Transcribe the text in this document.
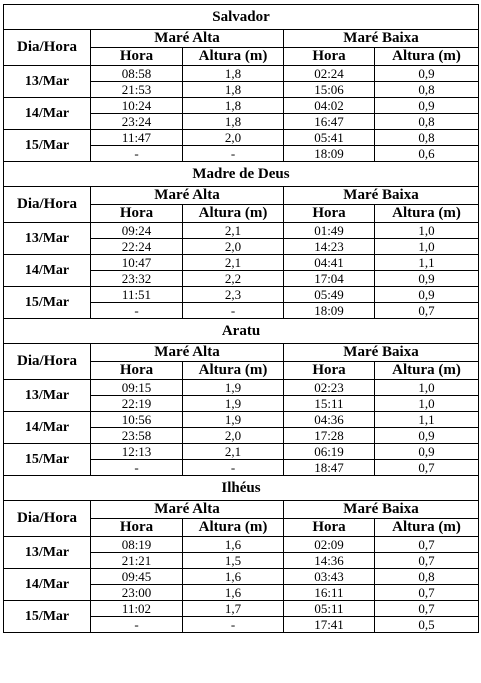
Salvador				
Dia/Hora	Maré Alta		Maré Baixa	
	Hora	Altura (m)	Hora	Altura (m)
13/Mar	08:58	1,8	02:24	0,9
	21:53	1,8	15:06	0,8
14/Mar	10:24	1,8	04:02	0,9
	23:24	1,8	16:47	0,8
15/Mar	11:47	2,0	05:41	0,8
	-	-	18:09	0,6
Madre de Deus				
Dia/Hora	Maré Alta		Maré Baixa	
	Hora	Altura (m)	Hora	Altura (m)
13/Mar	09:24	2,1	01:49	1,0
	22:24	2,0	14:23	1,0
14/Mar	10:47	2,1	04:41	1,1
	23:32	2,2	17:04	0,9
15/Mar	11:51	2,3	05:49	0,9
	-	-	18:09	0,7
Aratu				
Dia/Hora	Maré Alta		Maré Baixa	
	Hora	Altura (m)	Hora	Altura (m)
13/Mar	09:15	1,9	02:23	1,0
	22:19	1,9	15:11	1,0
14/Mar	10:56	1,9	04:36	1,1
	23:58	2,0	17:28	0,9
15/Mar	12:13	2,1	06:19	0,9
	-	-	18:47	0,7
Ilhéus				
Dia/Hora	Maré Alta		Maré Baixa	
	Hora	Altura (m)	Hora	Altura (m)
13/Mar	08:19	1,6	02:09	0,7
	21:21	1,5	14:36	0,7
14/Mar	09:45	1,6	03:43	0,8
	23:00	1,6	16:11	0,7
15/Mar	11:02	1,7	05:11	0,7
	-	-	17:41	0,5
